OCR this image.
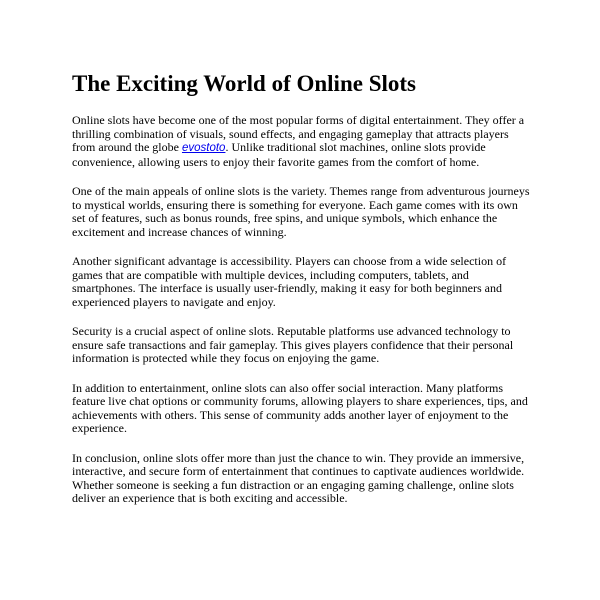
The Exciting World of Online Slots

Online slots have become one of the most popular forms of digital entertainment. They offer a thrilling combination of visuals, sound effects, and engaging gameplay that attracts players from around the globe evostoto. Unlike traditional slot machines, online slots provide convenience, allowing users to enjoy their favorite games from the comfort of home.

One of the main appeals of online slots is the variety. Themes range from adventurous journeys to mystical worlds, ensuring there is something for everyone. Each game comes with its own set of features, such as bonus rounds, free spins, and unique symbols, which enhance the excitement and increase chances of winning.

Another significant advantage is accessibility. Players can choose from a wide selection of games that are compatible with multiple devices, including computers, tablets, and smartphones. The interface is usually user-friendly, making it easy for both beginners and experienced players to navigate and enjoy.

Security is a crucial aspect of online slots. Reputable platforms use advanced technology to ensure safe transactions and fair gameplay. This gives players confidence that their personal information is protected while they focus on enjoying the game.

In addition to entertainment, online slots can also offer social interaction. Many platforms feature live chat options or community forums, allowing players to share experiences, tips, and achievements with others. This sense of community adds another layer of enjoyment to the experience.

In conclusion, online slots offer more than just the chance to win. They provide an immersive, interactive, and secure form of entertainment that continues to captivate audiences worldwide. Whether someone is seeking a fun distraction or an engaging gaming challenge, online slots deliver an experience that is both exciting and accessible.
